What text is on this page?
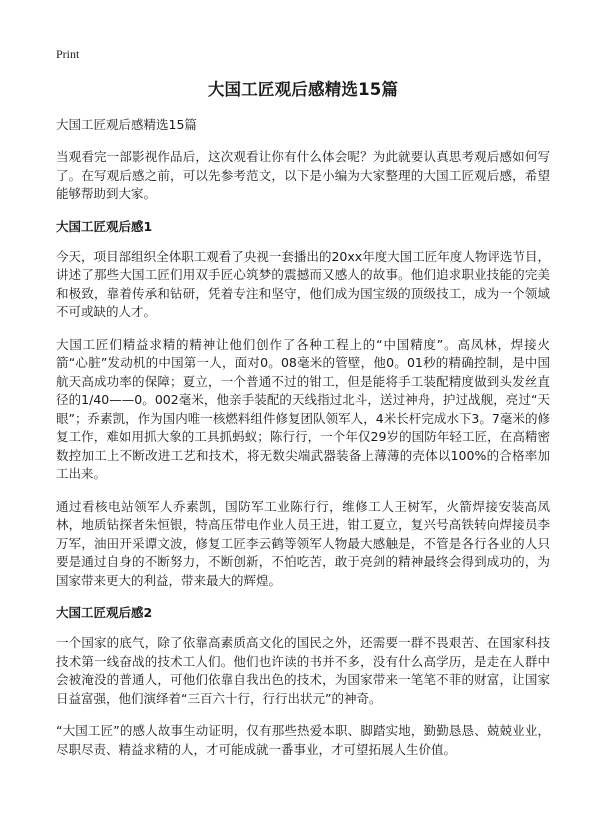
Print
大国工匠观后感精选15篇
大国工匠观后感精选15篇
当观看完一部影视作品后，这次观看让你有什么体会呢？为此就要认真思考观后感如何写了。在写观后感之前，可以先参考范文，以下是小编为大家整理的大国工匠观后感，希望能够帮助到大家。
大国工匠观后感1
今天，项目部组织全体职工观看了央视一套播出的20xx年度大国工匠年度人物评选节目，讲述了那些大国工匠们用双手匠心筑梦的震撼而又感人的故事。他们追求职业技能的完美和极致，靠着传承和钻研，凭着专注和坚守，他们成为国宝级的顶级技工，成为一个领域不可或缺的人才。
大国工匠们精益求精的精神让他们创作了各种工程上的“中国精度”。高凤林，焊接火箭“心脏”发动机的中国第一人，面对0。08毫米的管壁，他0。01秒的精确控制，是中国航天高成功率的保障；夏立，一个普通不过的钳工，但是能将手工装配精度做到头发丝直径的1/40——0。002毫米，他亲手装配的天线指过北斗，送过神舟，护过战舰，亮过“天眼”；乔素凯，作为国内唯一核燃料组件修复团队领军人，4米长杆完成水下3。7毫米的修复工作，难如用抓大象的工具抓蚂蚁；陈行行，一个年仅29岁的国防年轻工匠，在高精密数控加工上不断改进工艺和技术，将无数尖端武器装备上薄薄的壳体以100%的合格率加工出来。
通过看核电站领军人乔素凯，国防军工业陈行行，维修工人王树军，火箭焊接安装高凤林，地质钻探者朱恒银，特高压带电作业人员王进，钳工夏立，复兴号高铁转向焊接员李万军，油田开采谭文波，修复工匠李云鹤等领军人物最大感触是，不管是各行各业的人只要是通过自身的不断努力，不断创新，不怕吃苦，敢于亮剑的精神最终会得到成功的，为国家带来更大的利益，带来最大的辉煌。
大国工匠观后感2
一个国家的底气，除了依靠高素质高文化的国民之外，还需要一群不畏艰苦、在国家科技技术第一线奋战的技术工人们。他们也许读的书并不多，没有什么高学历，是走在人群中会被淹没的普通人，可他们依靠自我出色的技术，为国家带来一笔笔不菲的财富，让国家日益富强，他们演绎着“三百六十行，行行出状元”的神奇。
“大国工匠”的感人故事生动证明，仅有那些热爱本职、脚踏实地，勤勤恳恳、兢兢业业，尽职尽责、精益求精的人，才可能成就一番事业，才可望拓展人生价值。
